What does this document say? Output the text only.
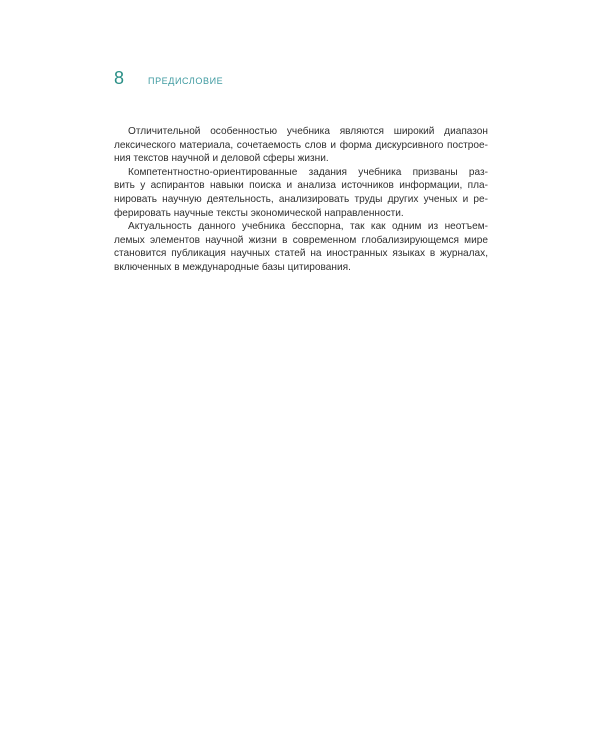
8	ПРЕДИСЛОВИЕ

Отличительной особенностью учебника являются широкий диапазон
лексического материала, сочетаемость слов и форма дискурсивного построе-
ния текстов научной и деловой сферы жизни.

Компетентностно-ориентированные задания учебника призваны раз-
вить у аспирантов навыки поиска и анализа источников информации, пла-
нировать научную деятельность, анализировать труды других ученых и ре-
ферировать научные тексты экономической направленности.

Актуальность данного учебника бесспорна, так как одним из неотъем-
лемых элементов научной жизни в современном глобализирующемся мире
становится публикация научных статей на иностранных языках в журналах,
включенных в международные базы цитирования.
